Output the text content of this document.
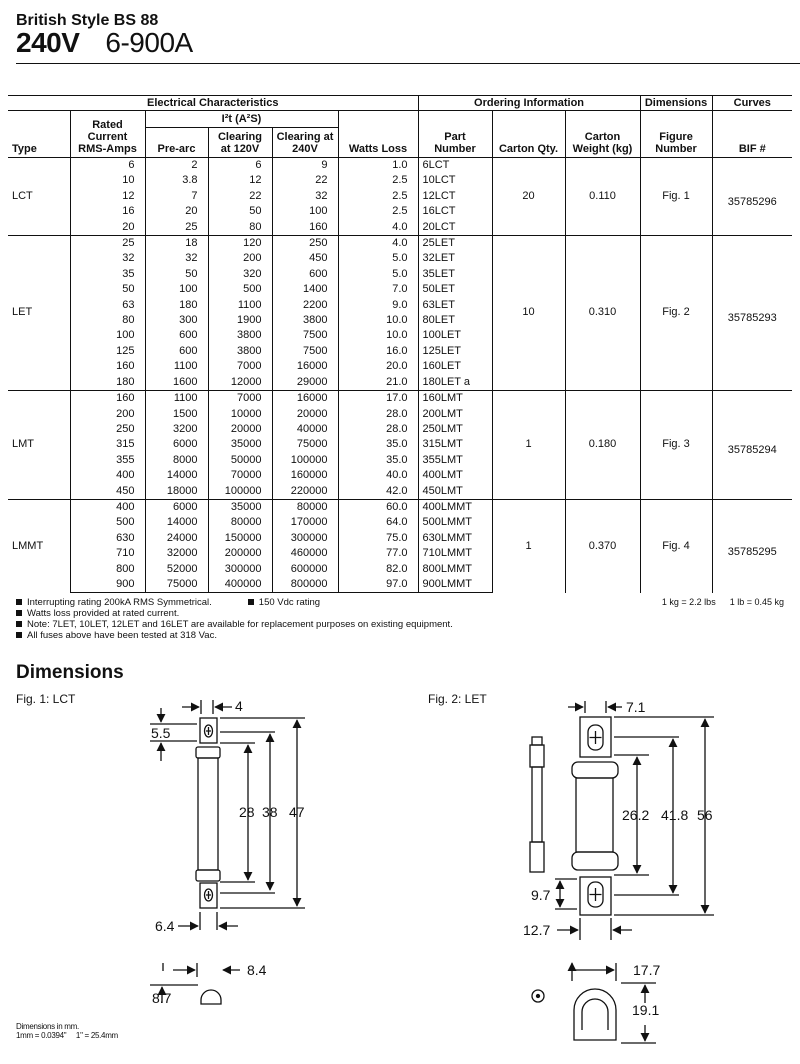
British Style BS 88
240V 6-900A
Electrical Characteristics						Ordering Information			Dimensions	Curves
Type	Rated Current RMS-Amps	I²t (A²S)			Watts Loss	Part Number	Carton Qty.	Carton Weight (kg)	Figure Number	BIF #
		Pre-arc	Clearing at 120V	Clearing at 240V						
LCT	6	2	6	9	1.0	6LCT	20	0.110	Fig. 1	35785296
	10	3.8	12	22	2.5	10LCT				
	12	7	22	32	2.5	12LCT				
	16	20	50	100	2.5	16LCT				
	20	25	80	160	4.0	20LCT				
LET	25	18	120	250	4.0	25LET	10	0.310	Fig. 2	35785293
	32	32	200	450	5.0	32LET				
	35	50	320	600	5.0	35LET				
	50	100	500	1400	7.0	50LET				
	63	180	1100	2200	9.0	63LET				
	80	300	1900	3800	10.0	80LET				
	100	600	3800	7500	10.0	100LET				
	125	600	3800	7500	16.0	125LET				
	160	1100	7000	16000	20.0	160LET				
	180	1600	12000	29000	21.0	180LET a				
LMT	160	1100	7000	16000	17.0	160LMT	1	0.180	Fig. 3	35785294
	200	1500	10000	20000	28.0	200LMT				
	250	3200	20000	40000	28.0	250LMT				
	315	6000	35000	75000	35.0	315LMT				
	355	8000	50000	100000	35.0	355LMT				
	400	14000	70000	160000	40.0	400LMT				
	450	18000	100000	220000	42.0	450LMT				
LMMT	400	6000	35000	80000	60.0	400LMMT	1	0.370	Fig. 4	35785295
	500	14000	80000	170000	64.0	500LMMT				
	630	24000	150000	300000	75.0	630LMMT				
	710	32000	200000	460000	77.0	710LMMT				
	800	52000	300000	600000	82.0	800LMMT				
	900	75000	400000	800000	97.0	900LMMT				
Interrupting rating 200kA RMS Symmetrical.	150 Vdc rating
Watts loss provided at rated current.
Note: 7LET, 10LET, 12LET and 16LET are available for replacement purposes on existing equipment.
All fuses above have been tested at 318 Vac.
1 kg = 2.2 lbs 1 lb = 0.45 kg
Dimensions
Fig. 1: LCT	Fig. 2: LET
Dimensions in mm.
1mm = 0.0394"     1" = 25.4mm
4
5.5
28 38 47
6.4
8.4
8.7
7.1
26.2 41.8 56
9.7
12.7
17.7
19.1
